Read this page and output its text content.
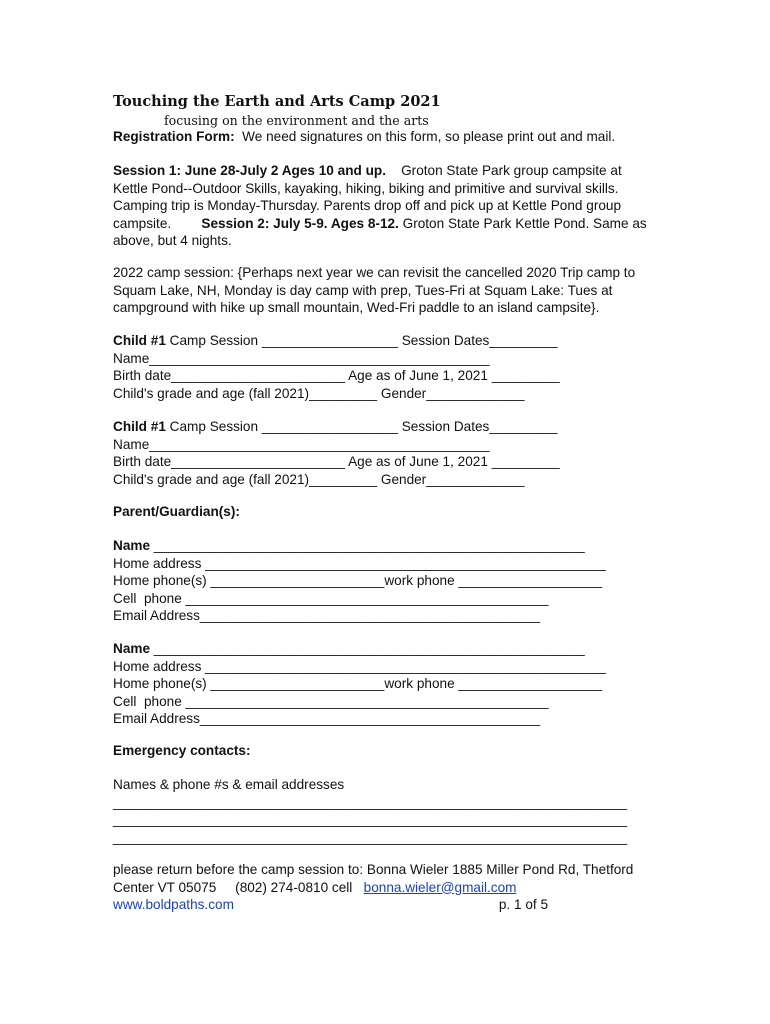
Touching the Earth and Arts Camp 2021
focusing on the environment and the arts
Registration Form:  We need signatures on this form, so please print out and mail.
Session 1: June 28-July 2 Ages 10 and up.    Groton State Park group campsite at Kettle Pond--Outdoor Skills, kayaking, hiking, biking and primitive and survival skills. Camping trip is Monday-Thursday. Parents drop off and pick up at Kettle Pond group campsite.        Session 2: July 5-9. Ages 8-12. Groton State Park Kettle Pond. Same as above, but 4 nights.
2022 camp session: {Perhaps next year we can revisit the cancelled 2020 Trip camp to Squam Lake, NH, Monday is day camp with prep, Tues-Fri at Squam Lake: Tues at campground with hike up small mountain, Wed-Fri paddle to an island campsite}.
Child #1 Camp Session __________________ Session Dates_________
Name_____________________________________________
Birth date_______________________ Age as of June 1, 2021 _________
Child's grade and age (fall 2021)_________ Gender_____________
Child #1 Camp Session __________________ Session Dates_________
Name_____________________________________________
Birth date_______________________ Age as of June 1, 2021 _________
Child's grade and age (fall 2021)_________ Gender_____________
Parent/Guardian(s):
Name _________________________________________________________
Home address _____________________________________________________
Home phone(s) _______________________work phone ___________________
Cell  phone ________________________________________________
Email Address_____________________________________________
Name _________________________________________________________
Home address _____________________________________________________
Home phone(s) _______________________work phone ___________________
Cell  phone ________________________________________________
Email Address_____________________________________________
Emergency contacts:
Names & phone #s & email addresses
____________________________________________________________________
____________________________________________________________________
____________________________________________________________________
please return before the camp session to: Bonna Wieler 1885 Miller Pond Rd, Thetford Center VT 05075     (802) 274-0810 cell   bonna.wieler@gmail.com
www.boldpaths.com	p. 1 of 5
